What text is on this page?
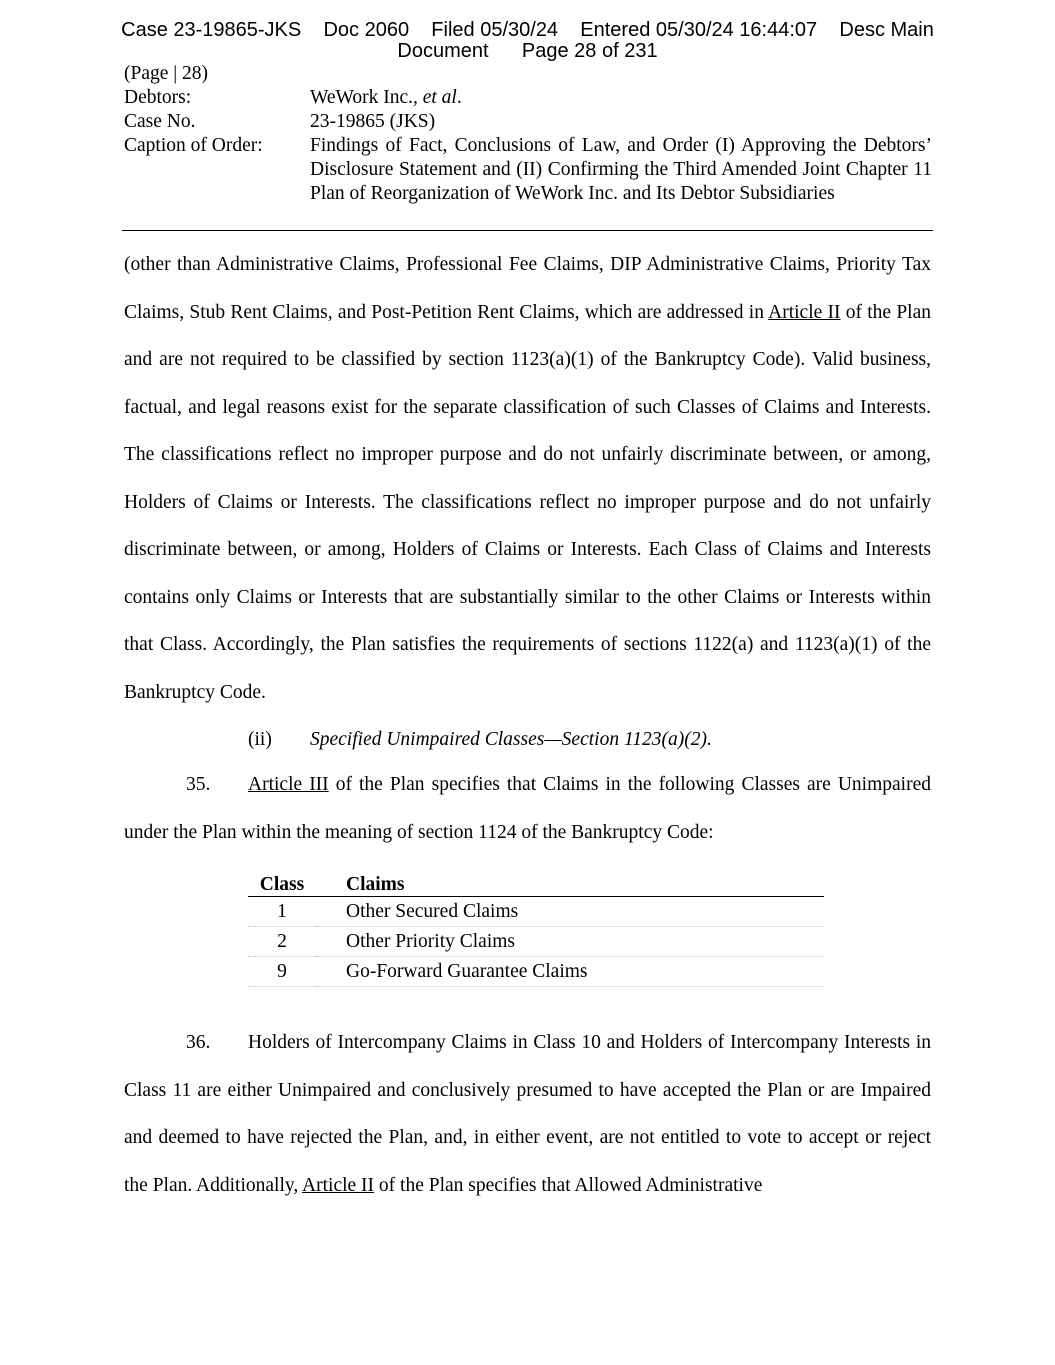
Case 23-19865-JKS    Doc 2060    Filed 05/30/24    Entered 05/30/24 16:44:07    Desc Main
Document      Page 28 of 231
(Page | 28)
Debtors:	WeWork Inc., et al.
Case No.	23-19865 (JKS)
Caption of Order:	Findings of Fact, Conclusions of Law, and Order (I) Approving the Debtors’ Disclosure Statement and (II) Confirming the Third Amended Joint Chapter 11 Plan of Reorganization of WeWork Inc. and Its Debtor Subsidiaries
(other than Administrative Claims, Professional Fee Claims, DIP Administrative Claims, Priority Tax Claims, Stub Rent Claims, and Post-Petition Rent Claims, which are addressed in Article II of the Plan and are not required to be classified by section 1123(a)(1) of the Bankruptcy Code). Valid business, factual, and legal reasons exist for the separate classification of such Classes of Claims and Interests. The classifications reflect no improper purpose and do not unfairly discriminate between, or among, Holders of Claims or Interests. The classifications reflect no improper purpose and do not unfairly discriminate between, or among, Holders of Claims or Interests. Each Class of Claims and Interests contains only Claims or Interests that are substantially similar to the other Claims or Interests within that Class. Accordingly, the Plan satisfies the requirements of sections 1122(a) and 1123(a)(1) of the Bankruptcy Code.
(ii) Specified Unimpaired Classes—Section 1123(a)(2).
35. Article III of the Plan specifies that Claims in the following Classes are Unimpaired under the Plan within the meaning of section 1124 of the Bankruptcy Code:
Class	Claims
1	Other Secured Claims
2	Other Priority Claims
9	Go-Forward Guarantee Claims
36. Holders of Intercompany Claims in Class 10 and Holders of Intercompany Interests in Class 11 are either Unimpaired and conclusively presumed to have accepted the Plan or are Impaired and deemed to have rejected the Plan, and, in either event, are not entitled to vote to accept or reject the Plan. Additionally, Article II of the Plan specifies that Allowed Administrative
